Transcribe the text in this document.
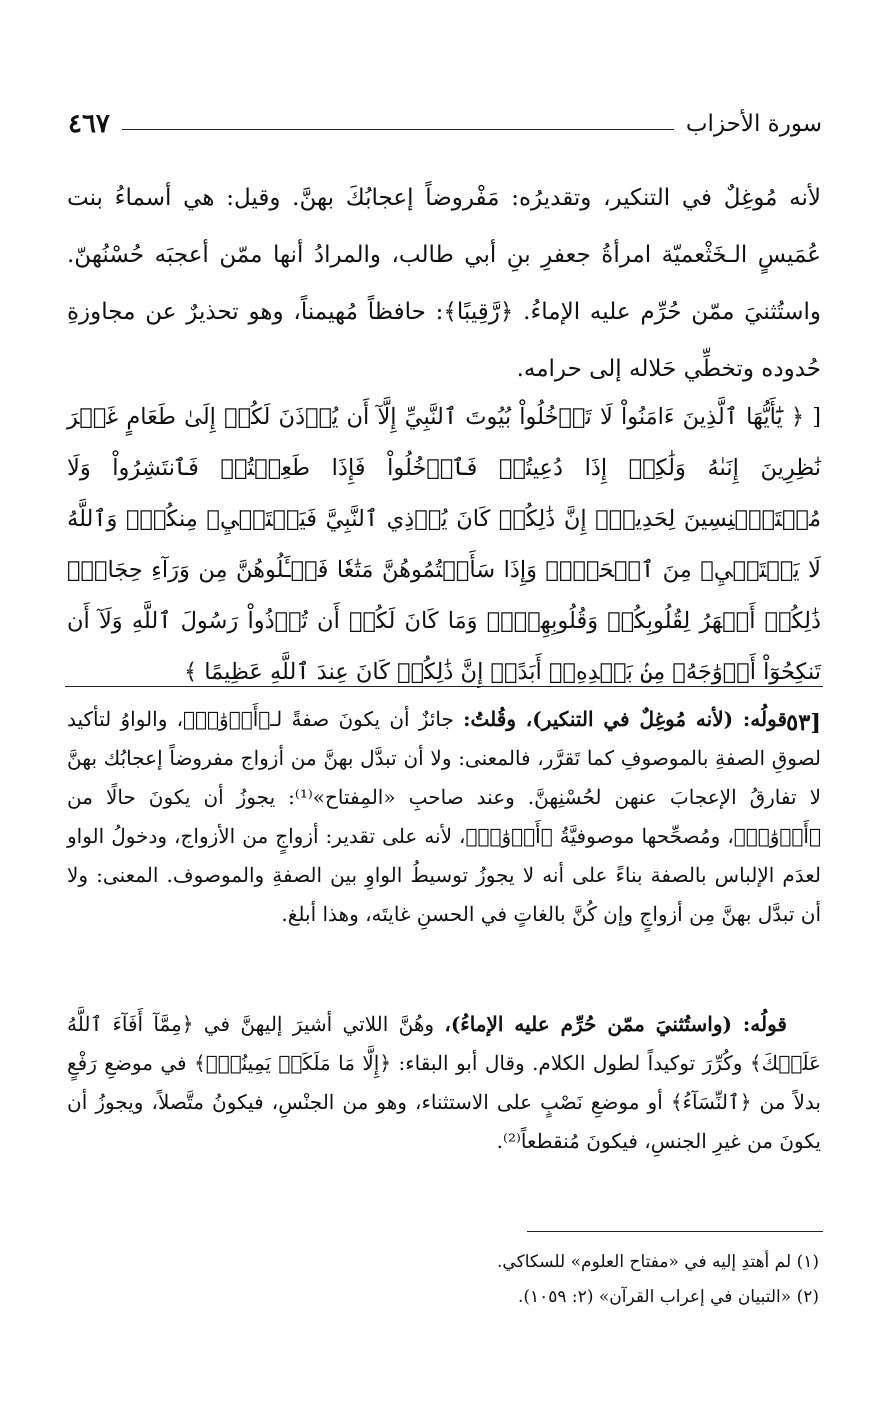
سورة الأحزاب
٤٦٧

لأنه مُوغِلٌ في التنكير، وتقديرُه: مَفْروضاً إعجابُكَ بهنَّ. وقيل: هي أسماءُ بنت عُمَيسٍ الـخَثْعميّة امرأةُ جعفرِ بنِ أبي طالب، والمرادُ أنها ممّن أعجبَه حُسْنُهنّ. واستُثنيَ ممّن حُرِّم عليه الإماءُ. ﴿رَّقِيبًا﴾: حافظاً مُهيمناً، وهو تحذيرٌ عن مجاوزةِ حُدوده وتخطِّي حَلاله إلى حرامه.

[ ﴿ يَٰٓأَيُّهَا ٱلَّذِينَ ءَامَنُواْ لَا تَدۡخُلُواْ بُيُوتَ ٱلنَّبِيِّ إِلَّآ أَن يُؤۡذَنَ لَكُمۡ إِلَىٰ طَعَامٍ غَيۡرَ نَٰظِرِينَ إِنَىٰهُ وَلَٰكِنۡ إِذَا دُعِيتُمۡ فَٱدۡخُلُواْ فَإِذَا طَعِمۡتُمۡ فَٱنتَشِرُواْ وَلَا مُسۡتَـٔۡنِسِينَ لِحَدِيثٍۚ إِنَّ ذَٰلِكُمۡ كَانَ يُؤۡذِي ٱلنَّبِيَّ فَيَسۡتَحۡيِۦ مِنكُمۡۖ وَٱللَّهُ لَا يَسۡتَحۡيِۦ مِنَ ٱلۡحَقِّۚ وَإِذَا سَأَلۡتُمُوهُنَّ مَتَٰعٗا فَسۡـَٔلُوهُنَّ مِن وَرَآءِ حِجَابٖۚ ذَٰلِكُمۡ أَطۡهَرُ لِقُلُوبِكُمۡ وَقُلُوبِهِنَّۚ وَمَا كَانَ لَكُمۡ أَن تُؤۡذُواْ رَسُولَ ٱللَّهِ وَلَآ أَن تَنكِحُوٓاْ أَزۡوَٰجَهُۥ مِنۢ بَعۡدِهِۦٓ أَبَدًاۚ إِنَّ ذَٰلِكُمۡ كَانَ عِندَ ٱللَّهِ عَظِيمًا ﴾
[٥٣

قولُه: (لأنه مُوغِلٌ في التنكير)، وقُلتُ: جائزٌ أن يكونَ صفةً لـ﴿أَزۡوَٰجٖ﴾، والواوُ لتأكيد لصوقِ الصفةِ بالموصوفِ كما تَقرَّر، فالمعنى: ولا أن تبدَّل بهنَّ من أزواج مفروضاً إعجابُك بهنَّ لا تفارقُ الإعجابَ عنهن لحُسْنِهنَّ. وعند صاحبِ «المِفتاح»⁽¹⁾: يجوزُ أن يكونَ حالًا من ﴿أَزۡوَٰجٖ﴾، ومُصحِّحها موصوفيَّةُ ﴿أَزۡوَٰجٖ﴾، لأنه على تقدير: أزواجٍ من الأزواج، ودخولُ الواو لعدَم الإلباس بالصفة بناءً على أنه لا يجوزُ توسيطُ الواوِ بين الصفةِ والموصوف. المعنى: ولا أن تبدَّل بهنَّ مِن أزواجٍ وإن كُنَّ بالغاتٍ في الحسنِ غايتَه، وهذا أبلغ.

قولُه: (واستُثنيَ ممّن حُرِّم عليه الإماءُ)، وهُنَّ اللاتي أشيرَ إليهنَّ في ﴿مِمَّآ أَفَآءَ ٱللَّهُ عَلَيۡكَ﴾ وكُرِّرَ توكيداً لطول الكلام. وقال أبو البقاء: ﴿إِلَّا مَا مَلَكَتۡ يَمِينُكَۗ﴾ في موضعِ رَفْعٍ بدلاً من ﴿ٱلنِّسَآءُ﴾ أو موضعِ نَصْبٍ على الاستثناء، وهو من الجنْسِ، فيكونُ متَّصلاً، ويجوزُ أن يكونَ من غيرِ الجنسِ، فيكونَ مُنقطعاً⁽²⁾.

(١) لم أهتدِ إليه في «مفتاح العلوم» للسكاكي.

(٢) «التبيان في إعراب القرآن» (٢: ١٠٥٩).
